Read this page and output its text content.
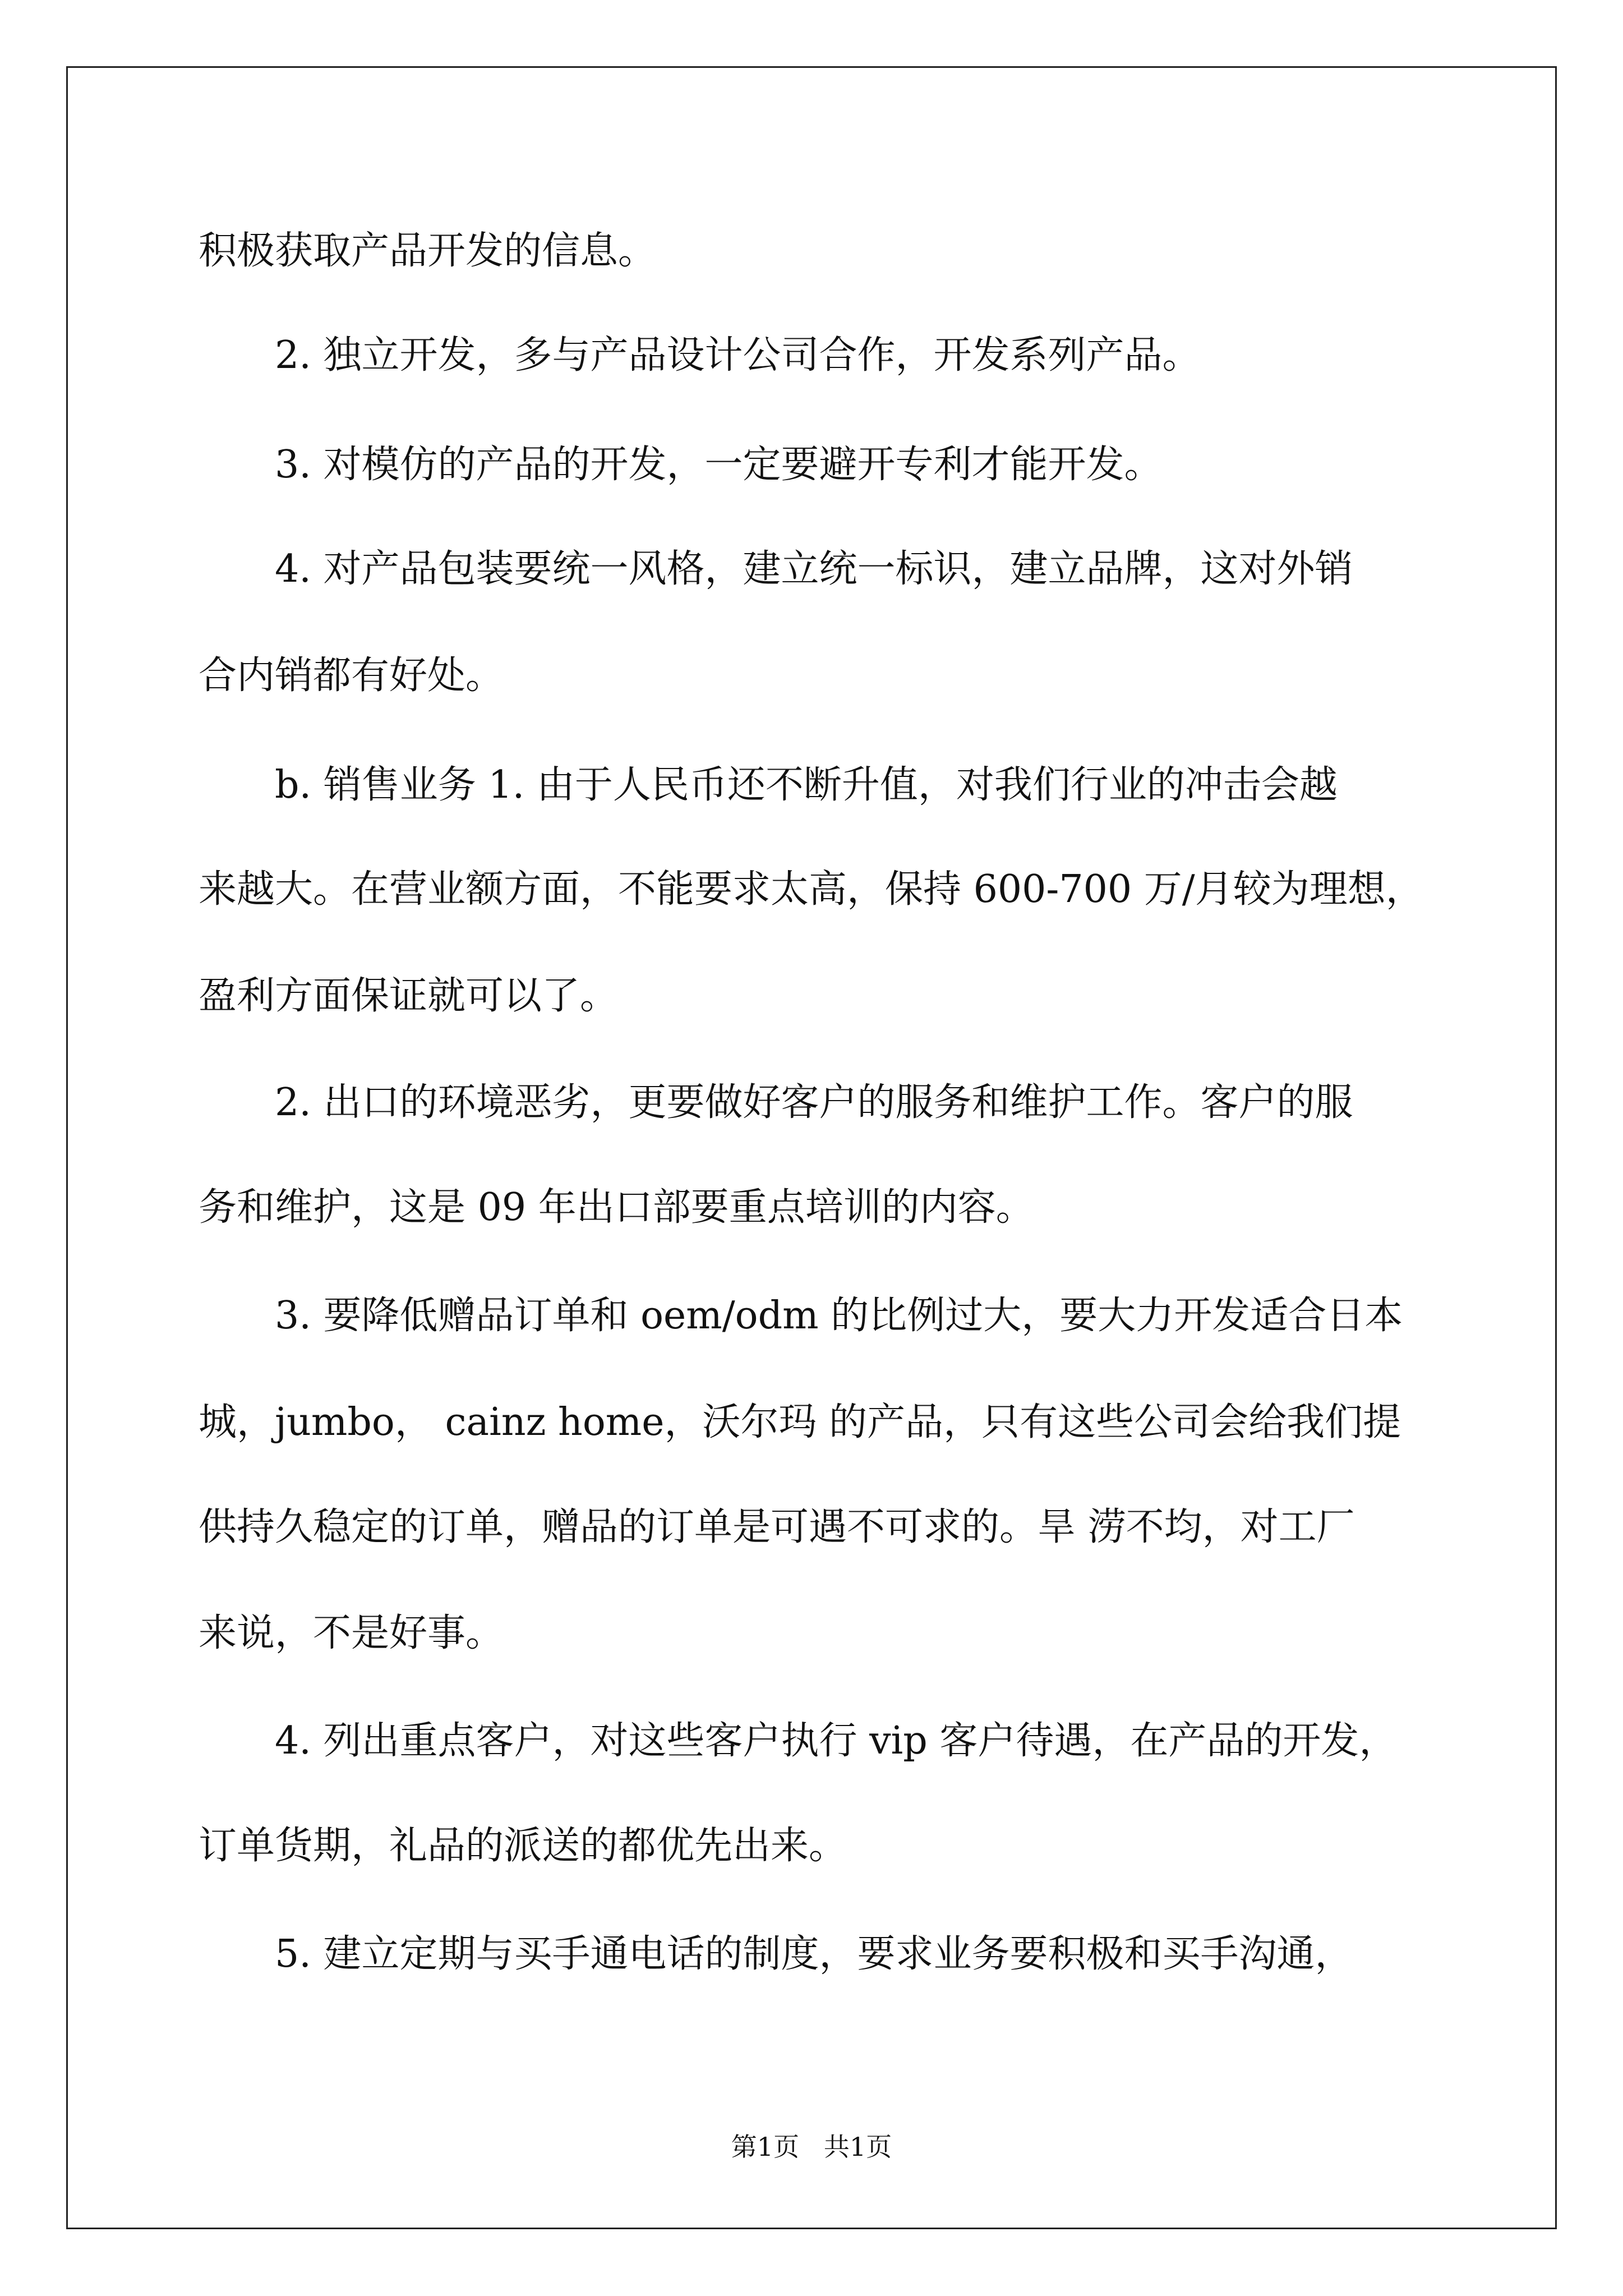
积极获取产品开发的信息。
2. 独立开发，多与产品设计公司合作，开发系列产品。
3. 对模仿的产品的开发，一定要避开专利才能开发。
4. 对产品包装要统一风格，建立统一标识，建立品牌，这对外销
合内销都有好处。
b. 销售业务 1. 由于人民币还不断升值，对我们行业的冲击会越
来越大。在营业额方面，不能要求太高，保持 600-700 万/月较为理想，
盈利方面保证就可以了。
2. 出口的环境恶劣，更要做好客户的服务和维护工作。客户的服
务和维护，这是 09 年出口部要重点培训的内容。
3. 要降低赠品订单和 oem/odm 的比例过大，要大力开发适合日本
城，jumbo， cainz home，沃尔玛 的产品，只有这些公司会给我们提
供持久稳定的订单，赠品的订单是可遇不可求的。旱 涝不均，对工厂
来说，不是好事。
4. 列出重点客户，对这些客户执行 vip 客户待遇，在产品的开发，
订单货期，礼品的派送的都优先出来。
5. 建立定期与买手通电话的制度，要求业务要积极和买手沟通，
第1页   共1页
